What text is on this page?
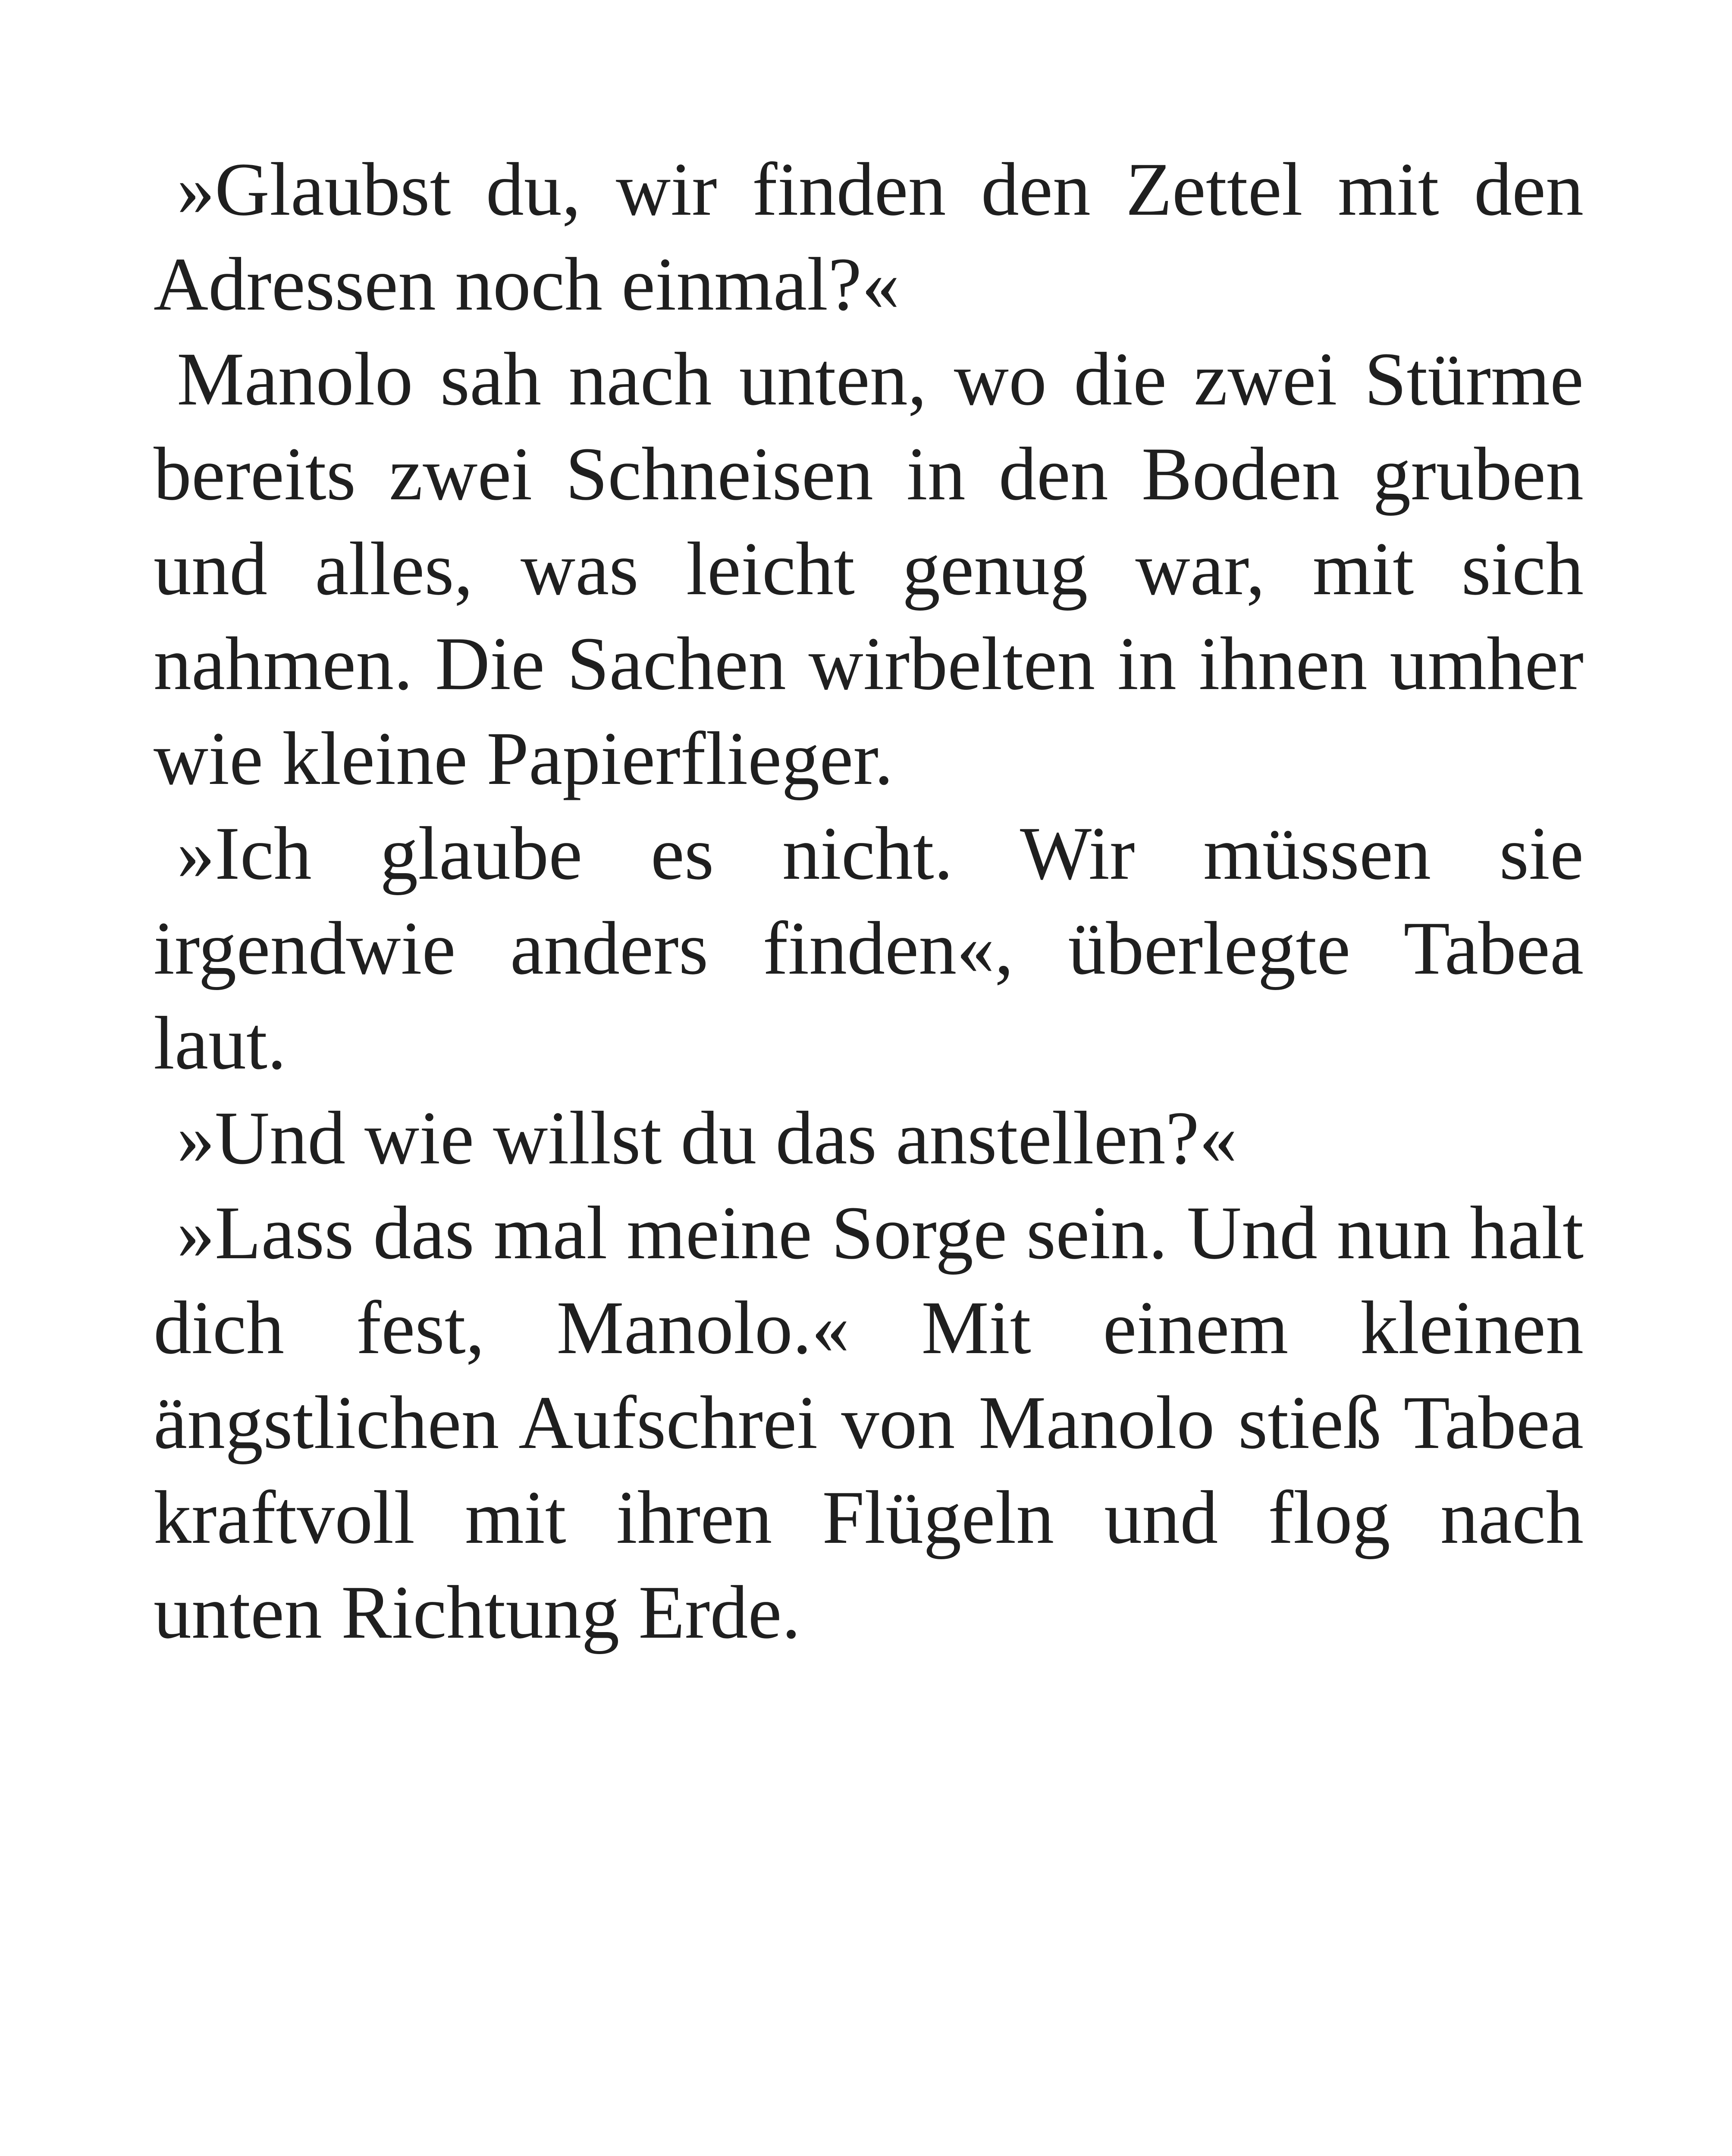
»Glaubst du, wir finden den Zettel mit den Adressen noch einmal?«

Manolo sah nach unten, wo die zwei Stürme bereits zwei Schneisen in den Boden gruben und alles, was leicht genug war, mit sich nahmen. Die Sachen wirbelten in ihnen umher wie kleine Papierflieger.

»Ich glaube es nicht. Wir müssen sie irgendwie anders finden«, überlegte Tabea laut.

»Und wie willst du das anstellen?«

»Lass das mal meine Sorge sein. Und nun halt dich fest, Manolo.« Mit einem kleinen ängstlichen Aufschrei von Manolo stieß Tabea kraftvoll mit ihren Flügeln und flog nach unten Richtung Erde.
